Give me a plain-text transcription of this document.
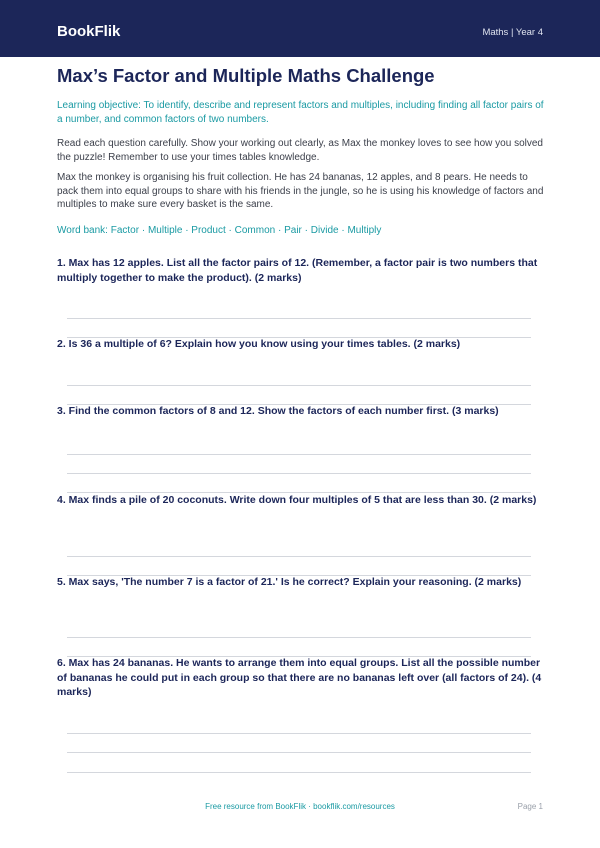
BookFlik	Maths | Year 4
Max’s Factor and Multiple Maths Challenge

Learning objective: To identify, describe and represent factors and multiples, including finding all factor pairs of a number, and common factors of two numbers.

Read each question carefully. Show your working out clearly, as Max the monkey loves to see how you solved the puzzle! Remember to use your times tables knowledge.

Max the monkey is organising his fruit collection. He has 24 bananas, 12 apples, and 8 pears. He needs to pack them into equal groups to share with his friends in the jungle, so he is using his knowledge of factors and multiples to make sure every basket is the same.

Word bank: Factor · Multiple · Product · Common · Pair · Divide · Multiply

1. Max has 12 apples. List all the factor pairs of 12. (Remember, a factor pair is two numbers that multiply together to make the product). (2 marks)

2. Is 36 a multiple of 6? Explain how you know using your times tables. (2 marks)

3. Find the common factors of 8 and 12. Show the factors of each number first. (3 marks)

4. Max finds a pile of 20 coconuts. Write down four multiples of 5 that are less than 30. (2 marks)

5. Max says, 'The number 7 is a factor of 21.' Is he correct? Explain your reasoning. (2 marks)

6. Max has 24 bananas. He wants to arrange them into equal groups. List all the possible number of bananas he could put in each group so that there are no bananas left over (all factors of 24). (4 marks)

Free resource from BookFlik · bookflik.com/resources	Page 1
